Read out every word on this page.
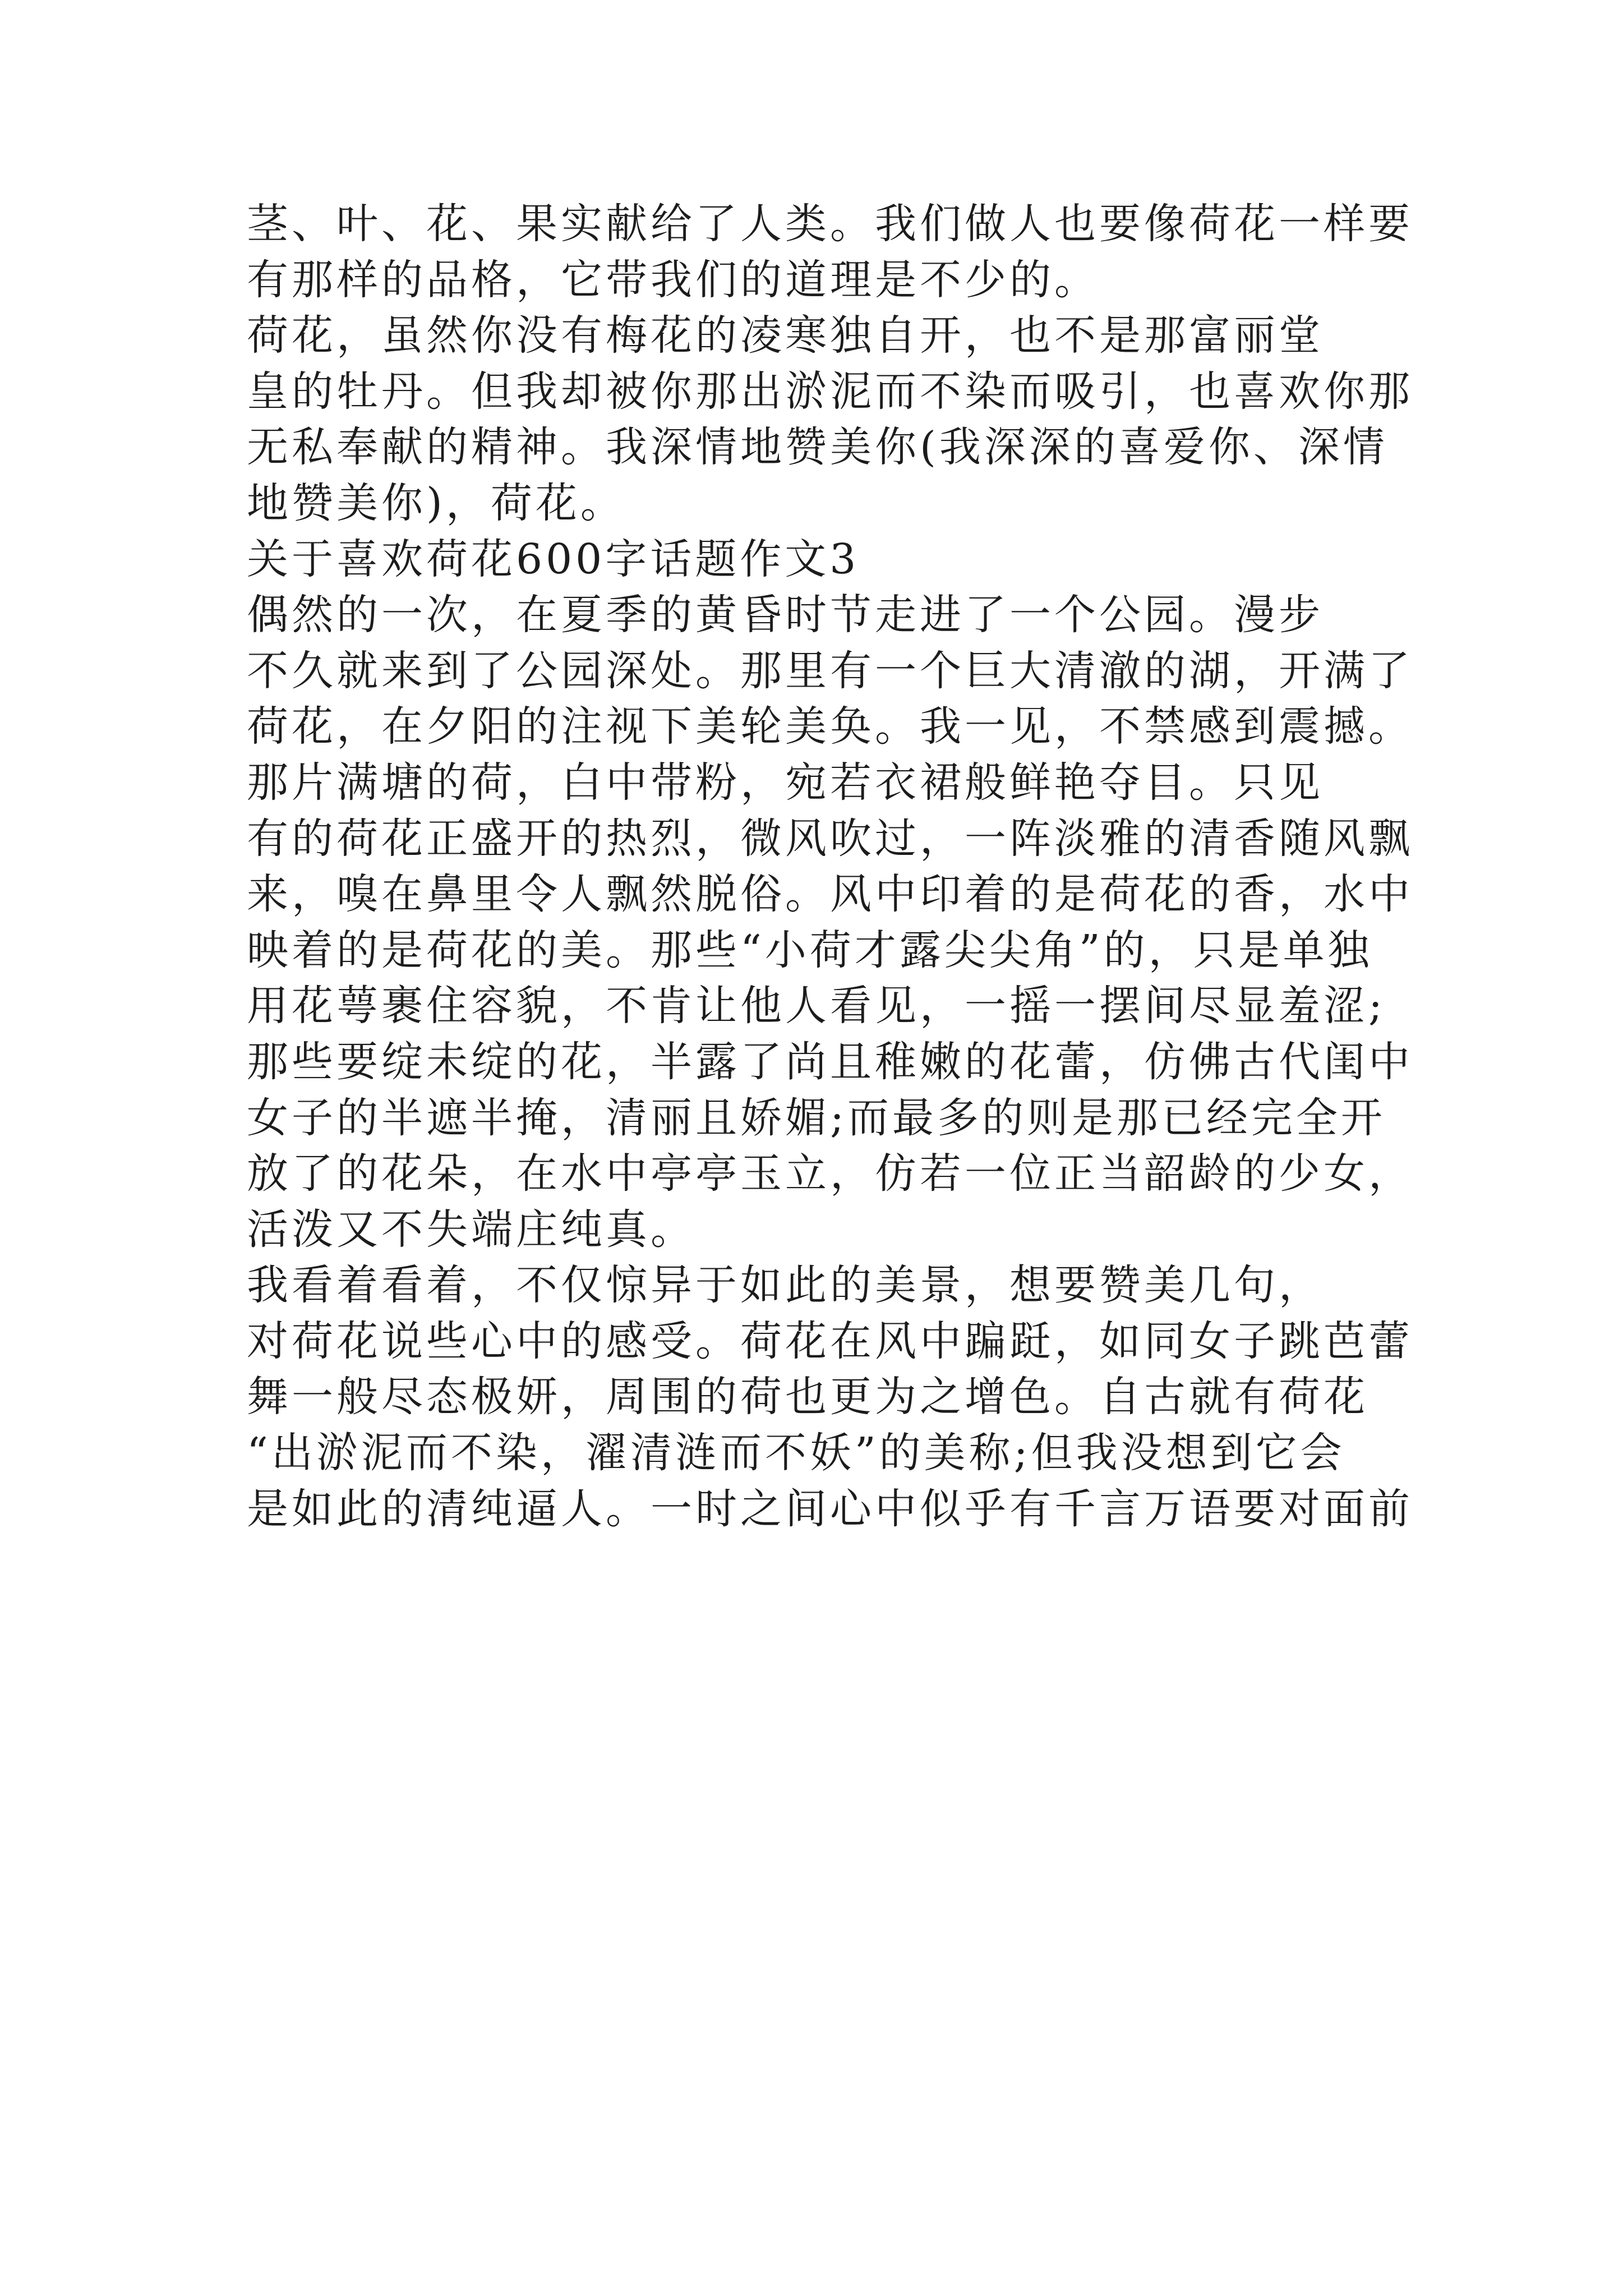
茎、叶、花、果实献给了人类。我们做人也要像荷花一样要

有那样的品格，它带我们的道理是不少的。

荷花，虽然你没有梅花的凌寒独自开，也不是那富丽堂

皇的牡丹。但我却被你那出淤泥而不染而吸引，也喜欢你那

无私奉献的精神。我深情地赞美你(我深深的喜爱你、深情

地赞美你)，荷花。

关于喜欢荷花600字话题作文3

偶然的一次，在夏季的黄昏时节走进了一个公园。漫步

不久就来到了公园深处。那里有一个巨大清澈的湖，开满了

荷花，在夕阳的注视下美轮美奂。我一见，不禁感到震撼。

那片满塘的荷，白中带粉，宛若衣裙般鲜艳夺目。只见

有的荷花正盛开的热烈，微风吹过，一阵淡雅的清香随风飘

来，嗅在鼻里令人飘然脱俗。风中印着的是荷花的香，水中

映着的是荷花的美。那些“小荷才露尖尖角”的，只是单独

用花萼裹住容貌，不肯让他人看见，一摇一摆间尽显羞涩;

那些要绽未绽的花，半露了尚且稚嫩的花蕾，仿佛古代闺中

女子的半遮半掩，清丽且娇媚;而最多的则是那已经完全开

放了的花朵，在水中亭亭玉立，仿若一位正当韶龄的少女，

活泼又不失端庄纯真。

我看着看着，不仅惊异于如此的美景，想要赞美几句，

对荷花说些心中的感受。荷花在风中蹁跹，如同女子跳芭蕾

舞一般尽态极妍，周围的荷也更为之增色。自古就有荷花

“出淤泥而不染，濯清涟而不妖”的美称;但我没想到它会

是如此的清纯逼人。一时之间心中似乎有千言万语要对面前
